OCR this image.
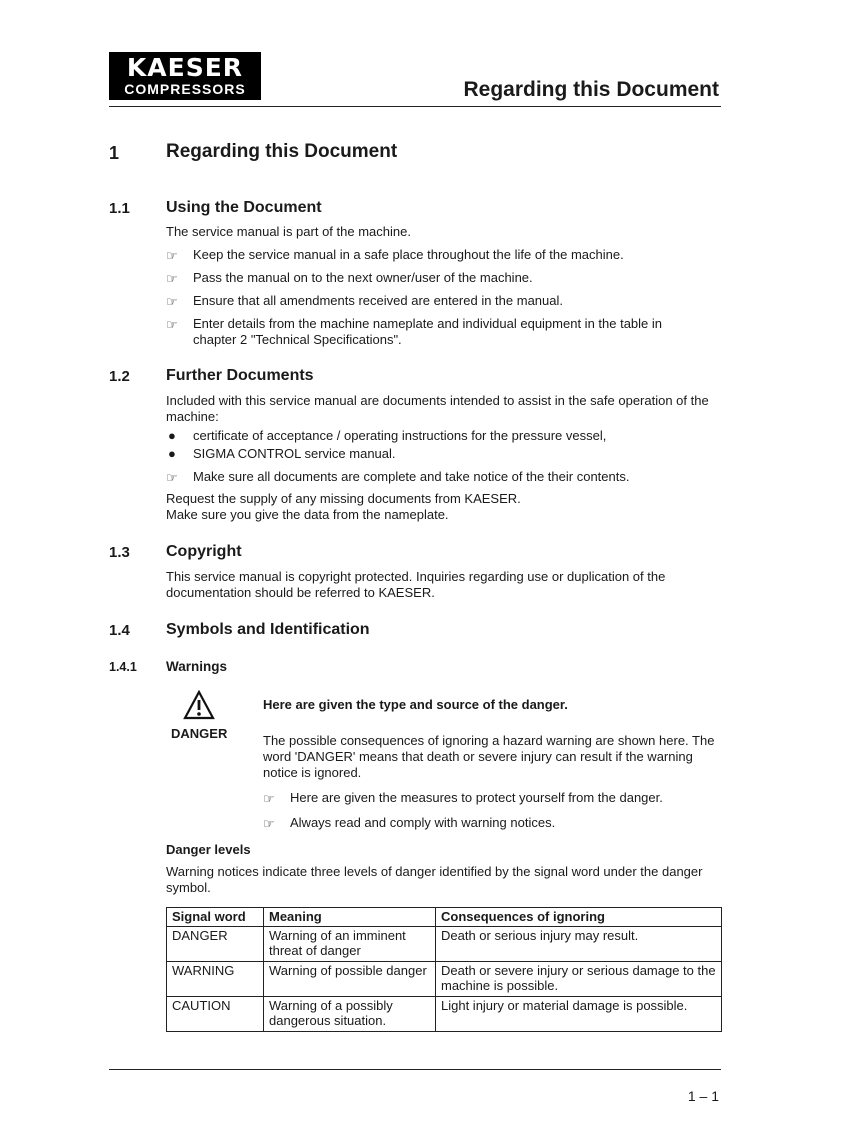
KAESER
COMPRESSORS	Regarding this Document
1 Regarding this Document
1.1 Using the Document
The service manual is part of the machine.
☞ Keep the service manual in a safe place throughout the life of the machine.
☞ Pass the manual on to the next owner/user of the machine.
☞ Ensure that all amendments received are entered in the manual.
☞ Enter details from the machine nameplate and individual equipment in the table in chapter 2 "Technical Specifications".
1.2 Further Documents
Included with this service manual are documents intended to assist in the safe operation of the machine:
● certificate of acceptance / operating instructions for the pressure vessel,
● SIGMA CONTROL service manual.
☞ Make sure all documents are complete and take notice of the their contents.
Request the supply of any missing documents from KAESER.
Make sure you give the data from the nameplate.
1.3 Copyright
This service manual is copyright protected. Inquiries regarding use or duplication of the documentation should be referred to KAESER.
1.4 Symbols and Identification
1.4.1 Warnings
DANGER
Here are given the type and source of the danger.
The possible consequences of ignoring a hazard warning are shown here. The word 'DANGER' means that death or severe injury can result if the warning notice is ignored.
☞ Here are given the measures to protect yourself from the danger.
☞ Always read and comply with warning notices.
Danger levels
Warning notices indicate three levels of danger identified by the signal word under the danger symbol.
Signal word	Meaning	Consequences of ignoring
DANGER	Warning of an imminent threat of danger	Death or serious injury may result.
WARNING	Warning of possible danger	Death or severe injury or serious damage to the machine is possible.
CAUTION	Warning of a possibly dangerous situation.	Light injury or material damage is possible.
1 – 1
